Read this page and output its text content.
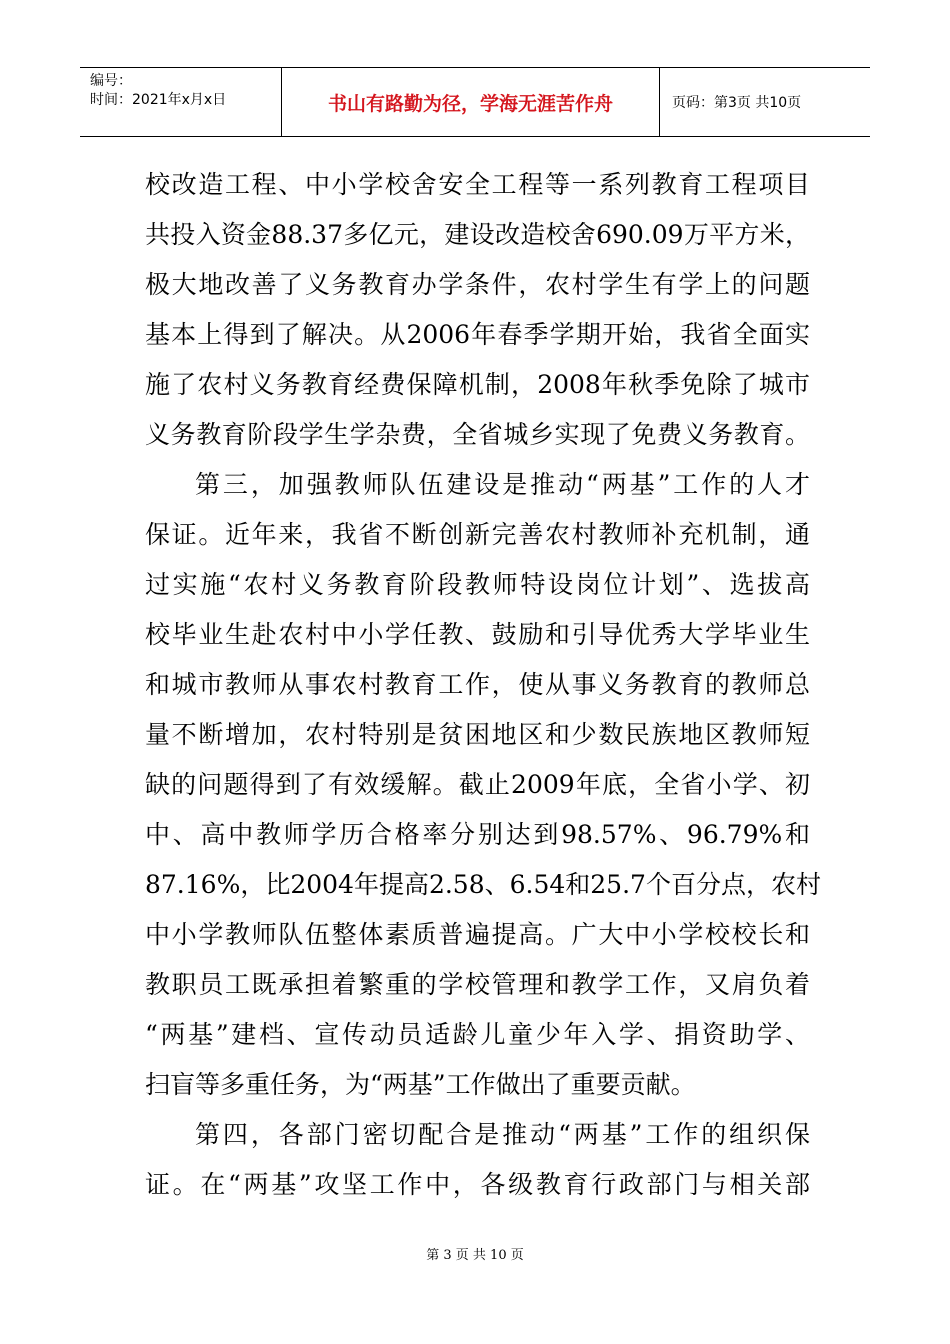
编号：
时间：2021年x月x日	书山有路勤为径，学海无涯苦作舟	页码：第3页 共10页
校改造工程、中小学校舍安全工程等一系列教育工程项目
共投入资金88.37多亿元，建设改造校舍690.09万平方米，
极大地改善了义务教育办学条件，农村学生有学上的问题
基本上得到了解决。从2006年春季学期开始，我省全面实
施了农村义务教育经费保障机制，2008年秋季免除了城市
义务教育阶段学生学杂费，全省城乡实现了免费义务教育。
第三，加强教师队伍建设是推动“两基”工作的人才
保证。近年来，我省不断创新完善农村教师补充机制，通
过实施“农村义务教育阶段教师特设岗位计划”、选拔高
校毕业生赴农村中小学任教、鼓励和引导优秀大学毕业生
和城市教师从事农村教育工作，使从事义务教育的教师总
量不断增加，农村特别是贫困地区和少数民族地区教师短
缺的问题得到了有效缓解。截止2009年底，全省小学、初
中、高中教师学历合格率分别达到98.57%、96.79%和
87.16%，比2004年提高2.58、6.54和25.7个百分点，农村
中小学教师队伍整体素质普遍提高。广大中小学校校长和
教职员工既承担着繁重的学校管理和教学工作，又肩负着
“两基”建档、宣传动员适龄儿童少年入学、捐资助学、
扫盲等多重任务，为“两基”工作做出了重要贡献。
第四，各部门密切配合是推动“两基”工作的组织保
证。在“两基”攻坚工作中，各级教育行政部门与相关部
第 3 页 共 10 页
